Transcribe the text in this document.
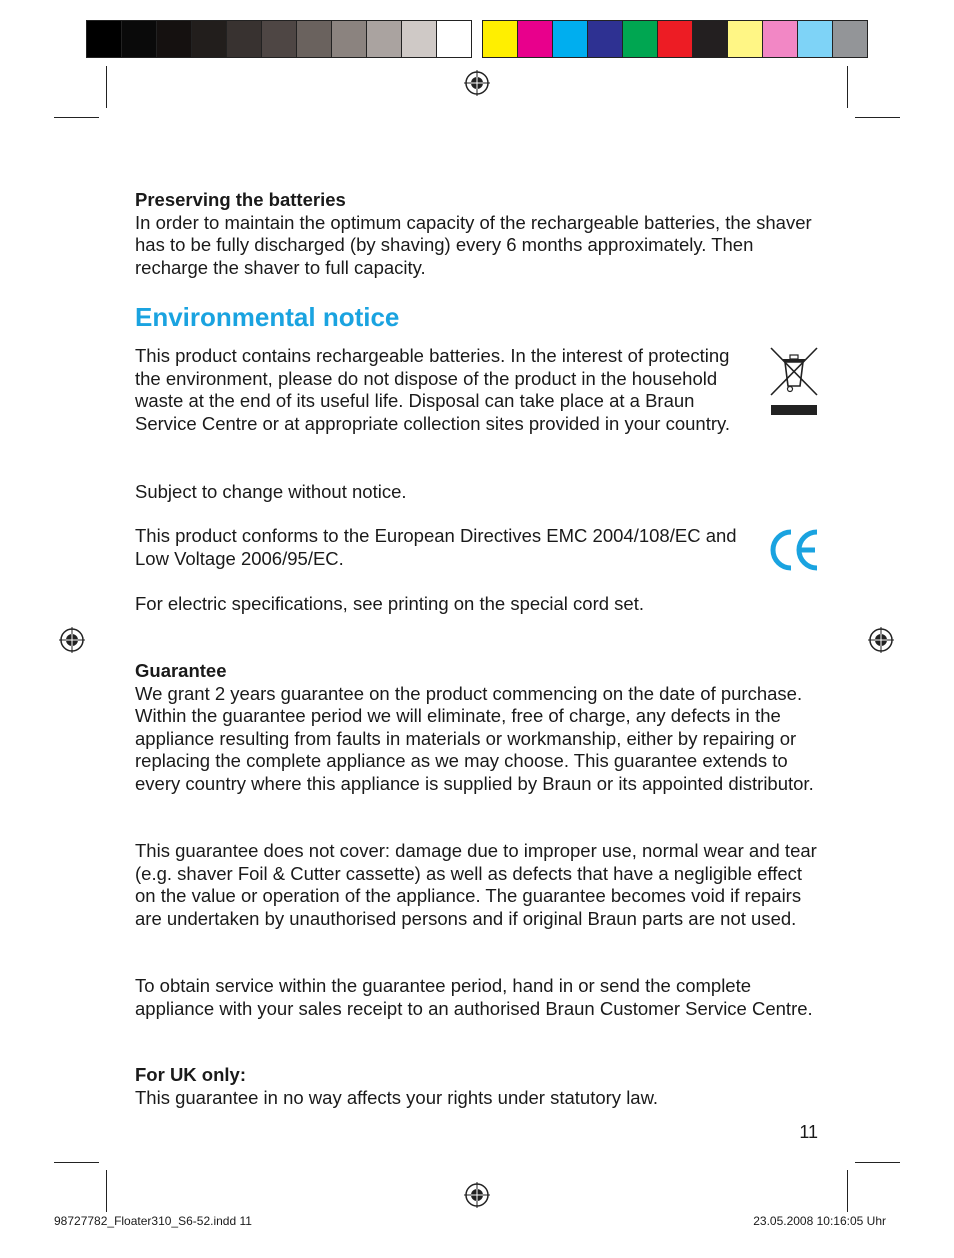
Preserving the batteries

In order to maintain the optimum capacity of the rechargeable batteries, the shaver has to be fully discharged (by shaving) every 6 months approximately. Then recharge the shaver to full capacity.

Environmental notice

This product contains rechargeable batteries. In the interest of protecting the environment, please do not dispose of the product in the household waste at the end of its useful life. Disposal can take place at a Braun Service Centre or at appropriate collection sites provided in your country.

Subject to change without notice.

This product conforms to the European Directives EMC 2004/108/EC and Low Voltage 2006/95/EC.

For electric specifications, see printing on the special cord set.

Guarantee

We grant 2 years guarantee on the product commencing on the date of purchase. Within the guarantee period we will eliminate, free of charge, any defects in the appliance resulting from faults in materials or workmanship, either by repairing or replacing the complete appliance as we may choose. This guarantee extends to every country where this appliance is supplied by Braun or its appointed distributor.

This guarantee does not cover: damage due to improper use, normal wear and tear (e.g. shaver Foil & Cutter cassette) as well as defects that have a negligible effect on the value or operation of the appliance. The guarantee becomes void if repairs are undertaken by unauthorised persons and if original Braun parts are not used.

To obtain service within the guarantee period, hand in or send the complete appliance with your sales receipt to an authorised Braun Customer Service Centre.

For UK only:

This guarantee in no way affects your rights under statutory law.

11
98727782_Floater310_S6-52.indd 11	23.05.2008 10:16:05 Uhr
